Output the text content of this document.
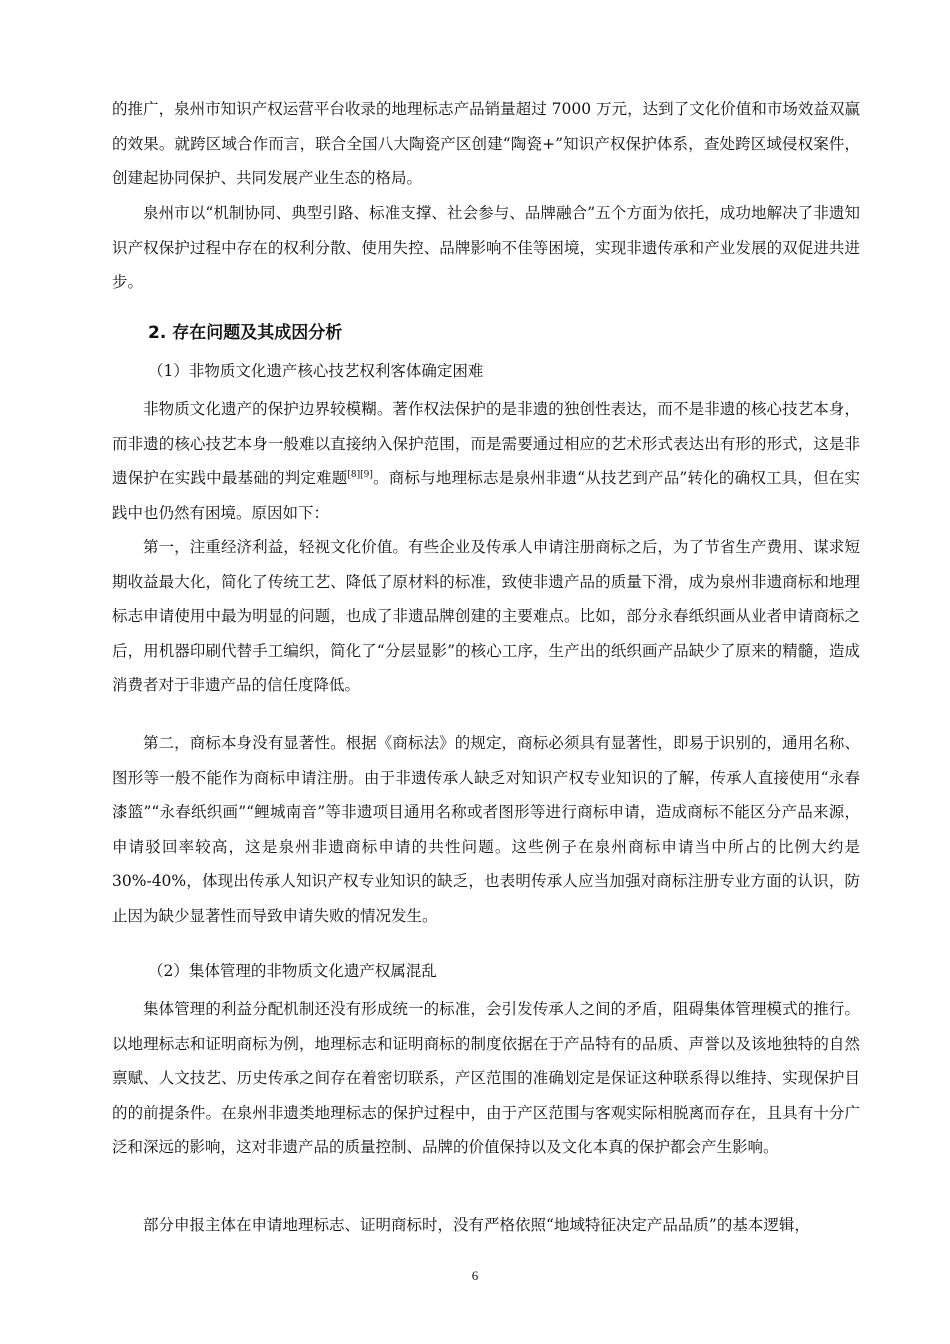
的推广，泉州市知识产权运营平台收录的地理标志产品销量超过 7000 万元，达到了文化价值和市场效益双赢的效果。就跨区域合作而言，联合全国八大陶瓷产区创建“陶瓷+”知识产权保护体系，查处跨区域侵权案件，创建起协同保护、共同发展产业生态的格局。

泉州市以“机制协同、典型引路、标准支撑、社会参与、品牌融合”五个方面为依托，成功地解决了非遗知识产权保护过程中存在的权利分散、使用失控、品牌影响不佳等困境，实现非遗传承和产业发展的双促进共进步。

2. 存在问题及其成因分析
（1）非物质文化遗产核心技艺权利客体确定困难

非物质文化遗产的保护边界较模糊。著作权法保护的是非遗的独创性表达，而不是非遗的核心技艺本身，而非遗的核心技艺本身一般难以直接纳入保护范围，而是需要通过相应的艺术形式表达出有形的形式，这是非遗保护在实践中最基础的判定难题[8][9]。商标与地理标志是泉州非遗“从技艺到产品”转化的确权工具，但在实践中也仍然有困境。原因如下：

第一，注重经济利益，轻视文化价值。有些企业及传承人申请注册商标之后，为了节省生产费用、谋求短期收益最大化，简化了传统工艺、降低了原材料的标准，致使非遗产品的质量下滑，成为泉州非遗商标和地理标志申请使用中最为明显的问题，也成了非遗品牌创建的主要难点。比如，部分永春纸织画从业者申请商标之后，用机器印刷代替手工编织，简化了“分层显影”的核心工序，生产出的纸织画产品缺少了原来的精髓，造成消费者对于非遗产品的信任度降低。

第二，商标本身没有显著性。根据《商标法》的规定，商标必须具有显著性，即易于识别的，通用名称、图形等一般不能作为商标申请注册。由于非遗传承人缺乏对知识产权专业知识的了解，传承人直接使用“永春漆篮”“永春纸织画”“鲤城南音”等非遗项目通用名称或者图形等进行商标申请，造成商标不能区分产品来源，申请驳回率较高，这是泉州非遗商标申请的共性问题。这些例子在泉州商标申请当中所占的比例大约是 30%-40%，体现出传承人知识产权专业知识的缺乏，也表明传承人应当加强对商标注册专业方面的认识，防止因为缺少显著性而导致申请失败的情况发生。

（2）集体管理的非物质文化遗产权属混乱

集体管理的利益分配机制还没有形成统一的标准，会引发传承人之间的矛盾，阻碍集体管理模式的推行。以地理标志和证明商标为例，地理标志和证明商标的制度依据在于产品特有的品质、声誉以及该地独特的自然禀赋、人文技艺、历史传承之间存在着密切联系，产区范围的准确划定是保证这种联系得以维持、实现保护目的的前提条件。在泉州非遗类地理标志的保护过程中，由于产区范围与客观实际相脱离而存在，且具有十分广泛和深远的影响，这对非遗产品的质量控制、品牌的价值保持以及文化本真的保护都会产生影响。

部分申报主体在申请地理标志、证明商标时，没有严格依照“地域特征决定产品品质”的基本逻辑，

6
